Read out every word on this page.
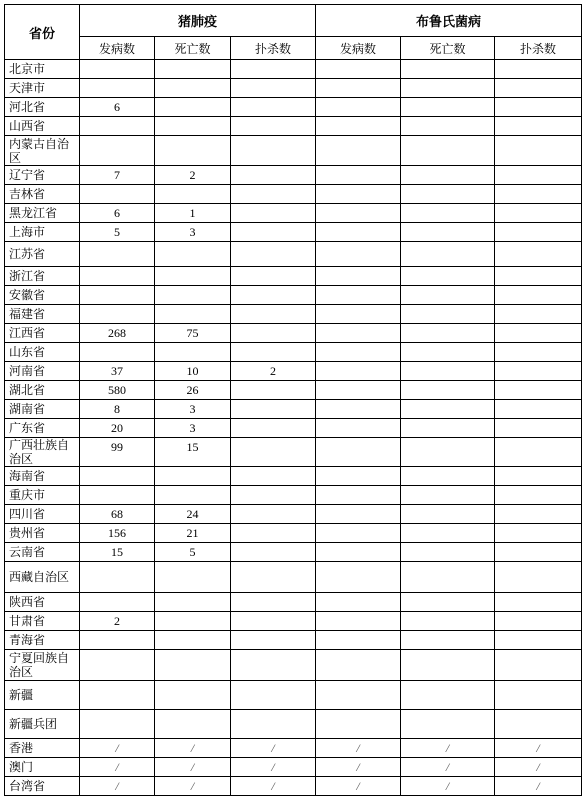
省份	猪肺疫			布鲁氏菌病		
	发病数	死亡数	扑杀数	发病数	死亡数	扑杀数
北京市						
天津市						
河北省	6					
山西省						
内蒙古自治区						
辽宁省	7	2				
吉林省						
黑龙江省	6	1				
上海市	5	3				
江苏省						
浙江省						
安徽省						
福建省						
江西省	268	75				
山东省						
河南省	37	10	2			
湖北省	580	26				
湖南省	8	3				
广东省	20	3				
广西壮族自治区	99	15				
海南省						
重庆市						
四川省	68	24				
贵州省	156	21				
云南省	15	5				
西藏自治区						
陕西省						
甘肃省	2					
青海省						
宁夏回族自治区						
新疆						
新疆兵团						
香港	/	/	/	/	/	/
澳门	/	/	/	/	/	/
台湾省	/	/	/	/	/	/
